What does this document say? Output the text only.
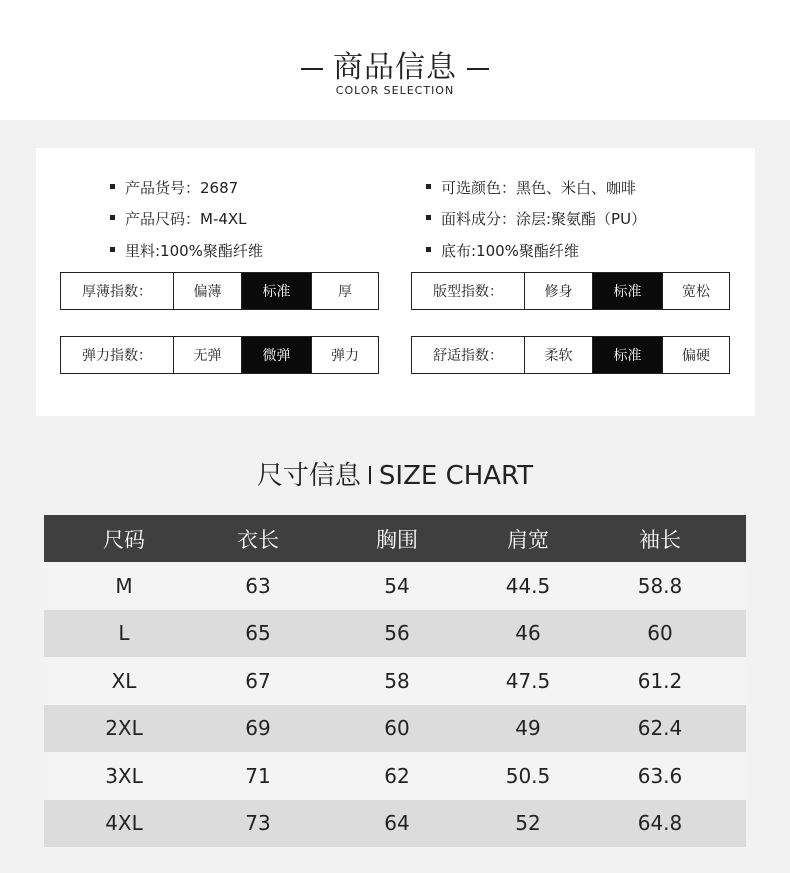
商品信息
COLOR SELECTION
产品货号：2687
产品尺码：M-4XL
里料:100%聚酯纤维
可选颜色：黑色、米白、咖啡
面料成分：涂层:聚氨酯（PU）
底布:100%聚酯纤维
厚薄指数：	偏薄	标准	厚	版型指数：	修身	标准	宽松
弹力指数：	无弹	微弹	弹力	舒适指数：	柔软	标准	偏硬
尺寸信息 SIZE CHART
尺码	衣长	胸围	肩宽	袖长
M	63	54	44.5	58.8
L	65	56	46	60
XL	67	58	47.5	61.2
2XL	69	60	49	62.4
3XL	71	62	50.5	63.6
4XL	73	64	52	64.8
